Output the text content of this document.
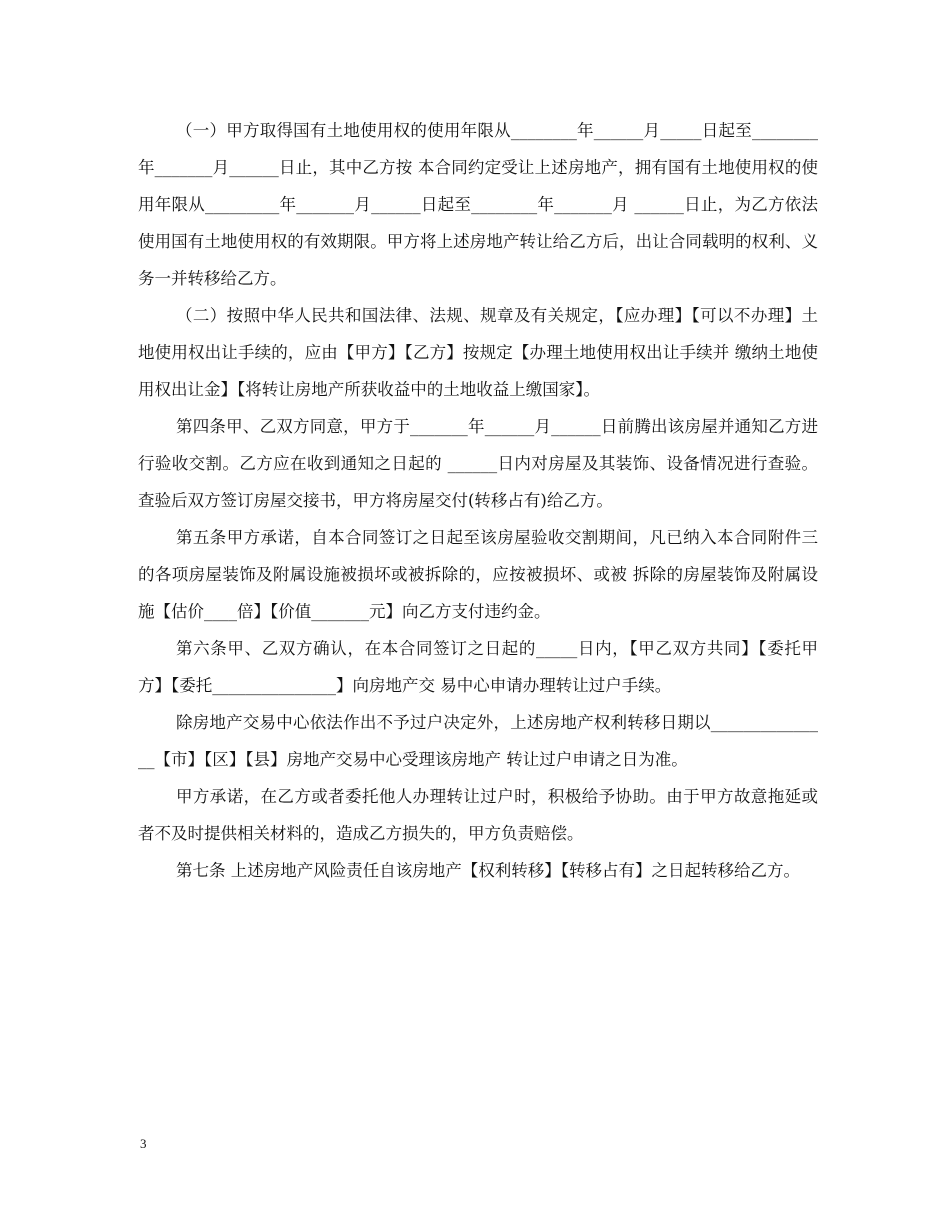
（一）甲方取得国有土地使用权的使用年限从________年______月_____日起至________年_______月______日止，其中乙方按 本合同约定受让上述房地产，拥有国有土地使用权的使用年限从_________年_______月______日起至________年_______月 ______日止，为乙方依法使用国有土地使用权的有效期限。甲方将上述房地产转让给乙方后，出让合同载明的权利、义务一并转移给乙方。

（二）按照中华人民共和国法律、法规、规章及有关规定，【应办理】【可以不办理】土地使用权出让手续的，应由【甲方】【乙方】按规定【办理土地使用权出让手续并 缴纳土地使用权出让金】【将转让房地产所获收益中的土地收益上缴国家】。

第四条甲、乙双方同意，甲方于_______年______月______日前腾出该房屋并通知乙方进行验收交割。乙方应在收到通知之日起的 ______日内对房屋及其装饰、设备情况进行查验。查验后双方签订房屋交接书，甲方将房屋交付(转移占有)给乙方。

第五条甲方承诺，自本合同签订之日起至该房屋验收交割期间，凡已纳入本合同附件三的各项房屋装饰及附属设施被损坏或被拆除的，应按被损坏、或被 拆除的房屋装饰及附属设施【估价____倍】【价值_______元】向乙方支付违约金。

第六条甲、乙双方确认，在本合同签订之日起的_____日内，【甲乙双方共同】【委托甲方】【委托_______________】向房地产交 易中心申请办理转让过户手续。

除房地产交易中心依法作出不予过户决定外，上述房地产权利转移日期以_______________【市】【区】【县】房地产交易中心受理该房地产 转让过户申请之日为准。

甲方承诺，在乙方或者委托他人办理转让过户时，积极给予协助。由于甲方故意拖延或者不及时提供相关材料的，造成乙方损失的，甲方负责赔偿。

第七条 上述房地产风险责任自该房地产【权利转移】【转移占有】之日起转移给乙方。

3
